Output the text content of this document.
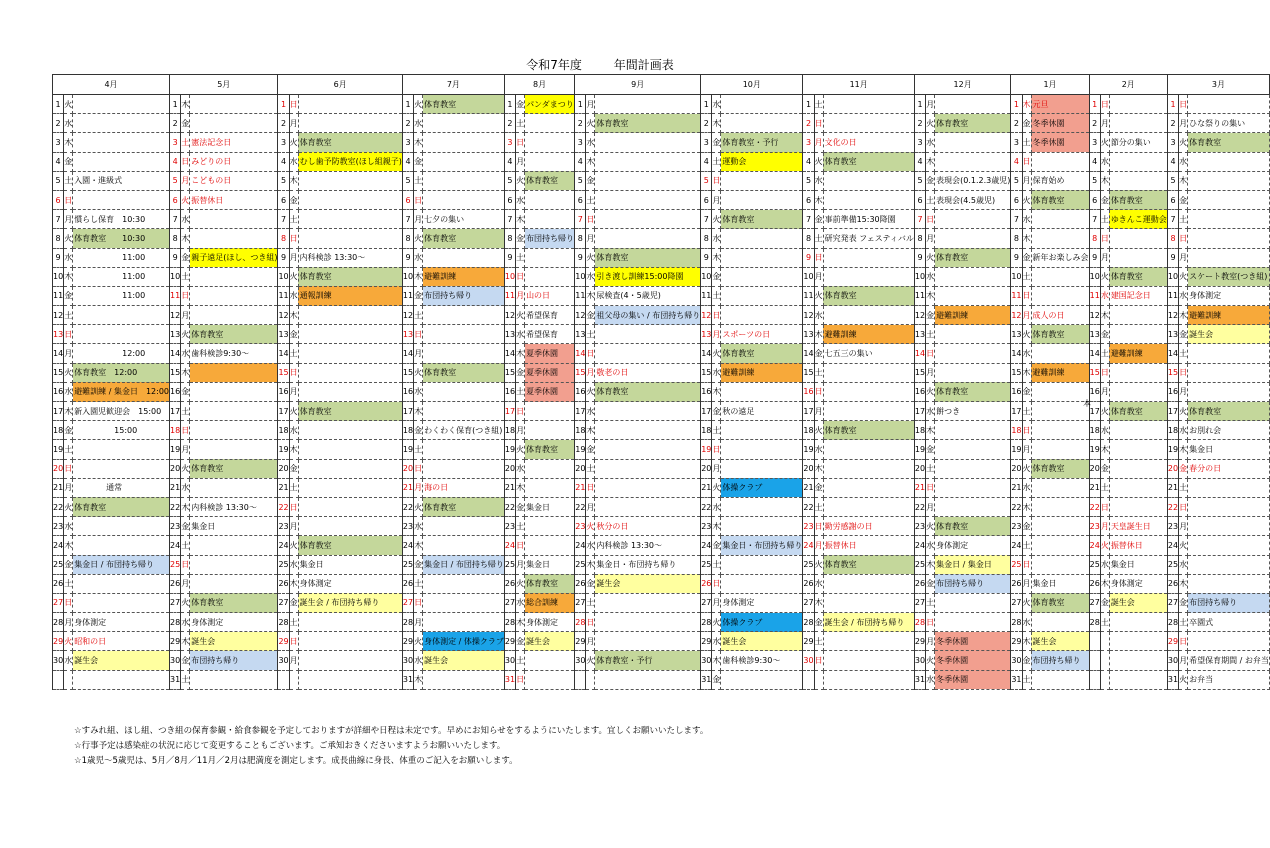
令和7年度	年間計画表
4月			5月			6月			7月			8月			9月			10月			11月			12月			1月			2月			3月		
1	火		1	木		1	日		1	火	体育教室	1	金	パンダまつり	1	月		1	水		1	土		1	月		1	木	元旦	1	日		1	日	
2	水		2	金		2	月		2	水		2	土		2	火	体育教室	2	木		2	日		2	火	体育教室	2	金	冬季休園	2	月		2	月	ひな祭りの集い
3	木		3	土	憲法記念日	3	火	体育教室	3	木		3	日		3	水		3	金	体育教室・予行	3	月	文化の日	3	水		3	土	冬季休園	3	火	節分の集い	3	火	体育教室
4	金		4	日	みどりの日	4	水	むし歯予防教室(ほし組親子)	4	金		4	月		4	木		4	土	運動会	4	火	体育教室	4	木		4	日		4	水		4	水	
5	土	入園・進級式	5	月	こどもの日	5	木		5	土		5	火	体育教室	5	金		5	日		5	水		5	金	表現会(0.1.2.3歳児)	5	月	保育始め	5	木		5	木	
6	日		6	火	振替休日	6	金		6	日		6	水		6	土		6	月		6	木		6	土	表現会(4.5歳児)	6	火	体育教室	6	金	体育教室	6	金	
7	月	慣らし保育　10:30	7	水		7	土		7	月	七夕の集い	7	木		7	日		7	火	体育教室	7	金	事前準備15:30降園	7	日		7	水		7	土	ゆきんこ運動会	7	土	
8	火	体育教室　　10:30	8	木		8	日		8	火	体育教室	8	金	布団持ち帰り	8	月		8	水		8	土	研究発表 フェスティバル	8	月		8	木		8	日		8	日	
9	水	　　　　　　11:00	9	金	親子遠足(ほし、つき組)	9	月	内科検診 13:30～	9	水		9	土		9	火	体育教室	9	木		9	日		9	火	体育教室	9	金	新年お楽しみ会	9	月		9	月	
10	木	　　　　　　11:00	10	土		10	火	体育教室	10	木	避難訓練	10	日		10	水	引き渡し訓練15:00降園	10	金		10	月		10	水		10	土		10	火	体育教室	10	火	スケート教室(つき組)
11	金	　　　　　　11:00	11	日		11	水	通報訓練	11	金	布団持ち帰り	11	月	山の日	11	木	尿検査(4・5歳児)	11	土		11	火	体育教室	11	木		11	日		11	水	建国記念日	11	水	身体測定
12	土		12	月		12	木		12	土		12	火	希望保育	12	金	祖父母の集い / 布団持ち帰り	12	日		12	水		12	金	避難訓練	12	月	成人の日	12	木		12	木	避難訓練
13	日		13	火	体育教室	13	金		13	日		13	水	希望保育	13	土		13	月	スポーツの日	13	木	避難訓練	13	土		13	火	体育教室	13	金		13	金	誕生会
14	月	　　　　　　12:00	14	水	歯科検診9:30～	14	土		14	月		14	木	夏季休園	14	日		14	火	体育教室	14	金	七五三の集い	14	日		14	水		14	土	避難訓練	14	土	
15	火	体育教室　12:00	15	木		15	日		15	火	体育教室	15	金	夏季休園	15	月	敬老の日	15	水	避難訓練	15	土		15	月		15	木	避難訓練	15	日		15	日	
16	水	避難訓練 / 集金日　12:00	16	金		16	月		16	水		16	土	夏季休園	16	火	体育教室	16	木		16	日		16	火	体育教室	16	金		16	月		16	月	
17	木	新入園児歓迎会　15:00	17	土		17	火	体育教室	17	木		17	日		17	水		17	金	秋の遠足	17	月		17	水	餅つき	17	土		17	火	体育教室	17	火	体育教室
18	金	　　　　　15:00	18	日		18	水		18	金	わくわく保育(つき組)	18	月		18	木		18	土		18	火	体育教室	18	木		18	日		18	水		18	水	お別れ会
19	土		19	月		19	木		19	土		19	火	体育教室	19	金		19	日		19	水		19	金		19	月		19	木		19	木	集金日
20	日		20	火	体育教室	20	金		20	日		20	水		20	土		20	月		20	木		20	土		20	火	体育教室	20	金		20	金	春分の日
21	月	　　　　通常	21	水		21	土		21	月	海の日	21	木		21	日		21	火	体操クラブ	21	金		21	日		21	水		21	土		21	土	
22	火	体育教室	22	木	内科検診 13:30～	22	日		22	火	体育教室	22	金	集金日	22	月		22	水		22	土		22	月		22	木		22	日		22	日	
23	水		23	金	集金日	23	月		23	水		23	土		23	火	秋分の日	23	木		23	日	勤労感謝の日	23	火	体育教室	23	金		23	月	天皇誕生日	23	月	
24	木		24	土		24	火	体育教室	24	木		24	日		24	水	内科検診 13:30～	24	金	集金日・布団持ち帰り	24	月	振替休日	24	水	身体測定	24	土		24	火	振替休日	24	火	
25	金	集金日 / 布団持ち帰り	25	日		25	水	集金日	25	金	集金日 / 布団持ち帰り	25	月	集金日	25	木	集金日・布団持ち帰り	25	土		25	火	体育教室	25	木	集金日 / 集金日	25	日		25	水	集金日	25	水	
26	土		26	月		26	木	身体測定	26	土		26	火	体育教室	26	金	誕生会	26	日		26	水		26	金	布団持ち帰り	26	月	集金日	26	木	身体測定	26	木	
27	日		27	火	体育教室	27	金	誕生会 / 布団持ち帰り	27	日		27	水	総合訓練	27	土		27	月	身体測定	27	木		27	土		27	火	体育教室	27	金	誕生会	27	金	布団持ち帰り
28	月	身体測定	28	水	身体測定	28	土		28	月		28	木	身体測定	28	日		28	火	体操クラブ	28	金	誕生会 / 布団持ち帰り	28	日		28	水		28	土		28	土	卒園式
29	火	昭和の日	29	木	誕生会	29	日		29	火	身体測定 / 体操クラブ	29	金	誕生会	29	月		29	水	誕生会	29	土		29	月	冬季休園	29	木	誕生会				29	日	
30	水	誕生会	30	金	布団持ち帰り	30	月		30	水	誕生会	30	土		30	火	体育教室・予行	30	木	歯科検診9:30～	30	日		30	火	冬季休園	30	金	布団持ち帰り				30	月	希望保育期間 / お弁当
			31	土					31	木		31	日					31	金					31	水	冬季休園	31	土					31	火	お弁当
本
☆すみれ組、ほし組、つき組の保育参観・給食参観を予定しておりますが詳細や日程は未定です。早めにお知らせをするようにいたします。宜しくお願いいたします。
☆行事予定は感染症の状況に応じて変更することもございます。ご承知おきくださいますようお願いいたします。
☆1歳児～5歳児は、5月／8月／11月／2月は肥満度を測定します。成長曲線に身長、体重のご記入をお願いします。
